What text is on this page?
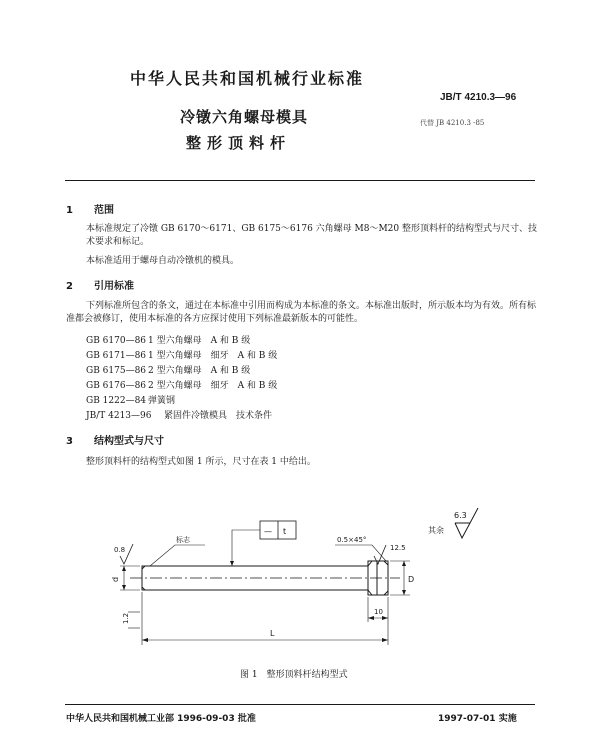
中华人民共和国机械行业标准
JB/T 4210.3—96
冷镦六角螺母模具	代替 JB 4210.3 -85
整形顶料杆
1 范围
本标准规定了冷镦 GB 6170～6171、GB 6175～6176 六角螺母 M8～M20 整形顶料杆的结构型式与尺寸、技术要求和标记。
本标准适用于螺母自动冷镦机的模具。
2 引用标准
下列标准所包含的条文，通过在本标准中引用而构成为本标准的条文。本标准出版时，所示版本均为有效。所有标准都会被修订，使用本标准的各方应探讨使用下列标准最新版本的可能性。
GB 6170—86 1 型六角螺母　A 和 B 级
GB 6171—86 1 型六角螺母　细牙　A 和 B 级
GB 6175—86 2 型六角螺母　A 和 B 级
GB 6176—86 2 型六角螺母　细牙　A 和 B 级
GB 1222—84 弹簧钢
JB/T 4213—96 紧固件冷镦模具　技术条件
3 结构型式与尺寸
整形顶料杆的结构型式如图 1 所示，尺寸在表 1 中给出。
6.3
其余
0.8	12.5
标志	0.5×45°
— t
d	D
10
L
1.2
图 1　整形顶料杆结构型式
中华人民共和国机械工业部 1996-09-03 批准	1997-07-01 实施
